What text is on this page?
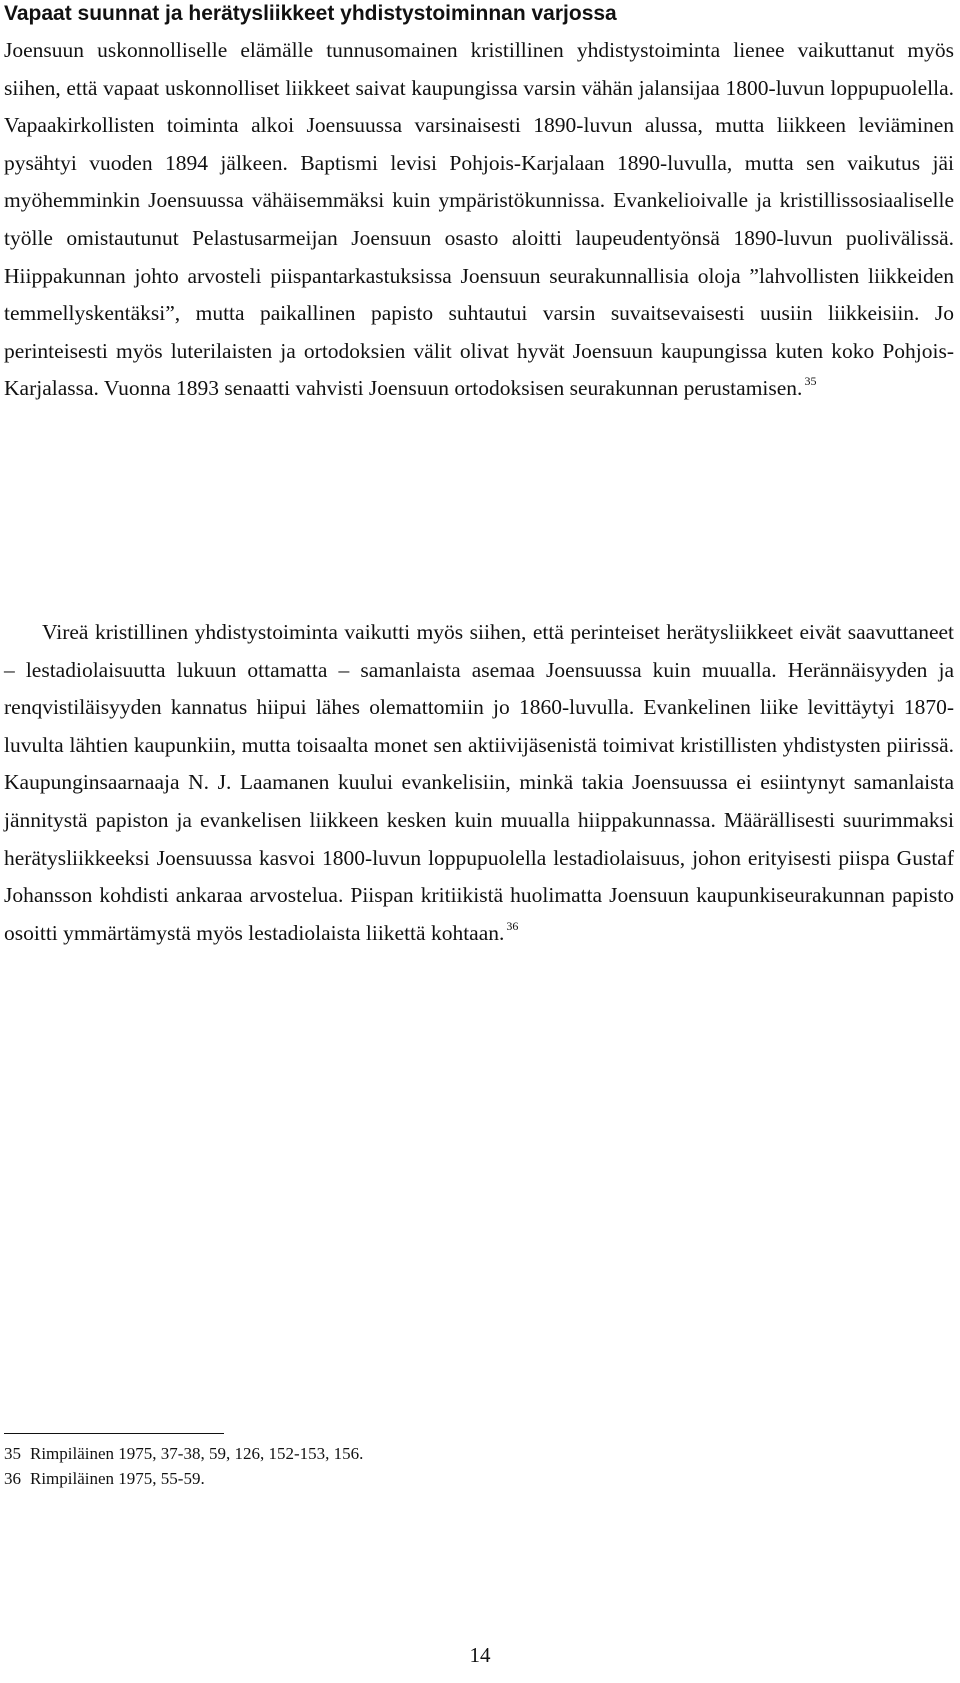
Vapaat suunnat ja herätysliikkeet yhdistystoiminnan varjossa

Joensuun uskonnolliselle elämälle tunnusomainen kristillinen yhdistystoiminta lienee vaikuttanut myös siihen, että vapaat uskonnolliset liikkeet saivat kaupungissa varsin vähän jalansijaa 1800-luvun loppupuolella. Vapaakirkollisten toiminta alkoi Joensuussa varsinaisesti 1890-luvun alussa, mutta liikkeen leviäminen pysähtyi vuoden 1894 jälkeen. Baptismi levisi Pohjois-Karjalaan 1890-luvulla, mutta sen vaikutus jäi myöhemminkin Joensuussa vähäisemmäksi kuin ympäristökunnissa. Evankelioivalle ja kristillissosiaaliselle työlle omistautunut Pelastusarmeijan Joensuun osasto aloitti laupeudentyönsä 1890-luvun puolivälissä. Hiippakunnan johto arvosteli piispantarkastuksissa Joensuun seurakunnallisia oloja ”lahvollisten liikkeiden temmellyskentäksi”, mutta paikallinen papisto suhtautui varsin suvaitsevaisesti uusiin liikkeisiin. Jo perinteisesti myös luterilaisten ja ortodoksien välit olivat hyvät Joensuun kaupungissa kuten koko Pohjois-Karjalassa. Vuonna 1893 senaatti vahvisti Joensuun ortodoksisen seurakunnan perustamisen. $^{35}$

Vireä kristillinen yhdistystoiminta vaikutti myös siihen, että perinteiset herätysliikkeet eivät saavuttaneet – lestadiolaisuutta lukuun ottamatta – samanlaista asemaa Joensuussa kuin muualla. Herännäisyyden ja renqvistiläisyyden kannatus hiipui lähes olemattomiin jo 1860-luvulla. Evankelinen liike levittäytyi 1870-luvulta lähtien kaupunkiin, mutta toisaalta monet sen aktiivijäsenistä toimivat kristillisten yhdistysten piirissä. Kaupunginsaarnaaja N. J. Laamanen kuului evankelisiin, minkä takia Joensuussa ei esiintynyt samanlaista jännitystä papiston ja evankelisen liikkeen kesken kuin muualla hiippakunnassa. Määrällisesti suurimmaksi herätysliikkeeksi Joensuussa kasvoi 1800-luvun loppupuolella lestadiolaisuus, johon erityisesti piispa Gustaf Johansson kohdisti ankaraa arvostelua. Piispan kritiikistä huolimatta Joensuun kaupunkiseurakunnan papisto osoitti ymmärtämystä myös lestadiolaista liikettä kohtaan. $^{36}$

35 Rimpiläinen 1975, 37-38, 59, 126, 152-153, 156.
36 Rimpiläinen 1975, 55-59.
14
